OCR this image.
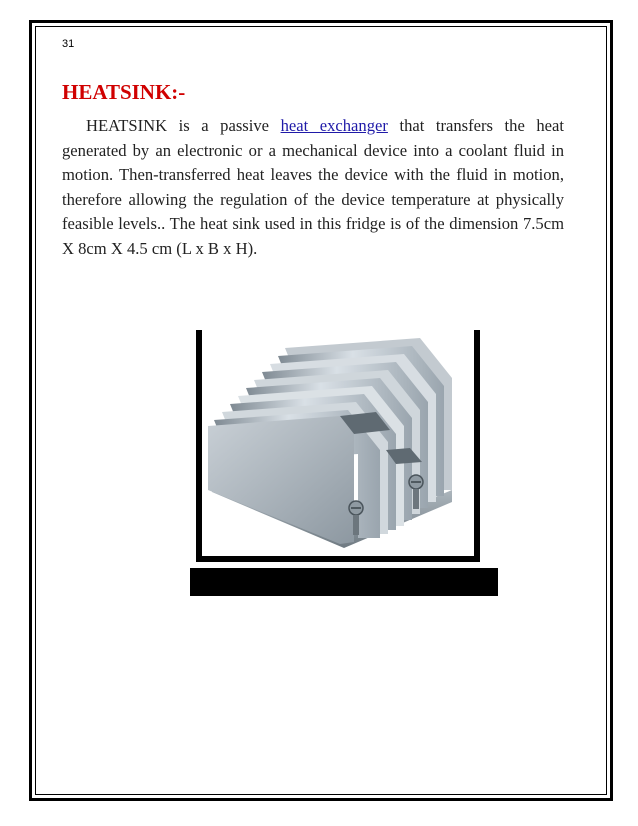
31
HEATSINK:-

HEATSINK is a passive heat exchanger that transfers the heat generated by an electronic or a mechanical device into a coolant fluid in motion. Then-transferred heat leaves the device with the fluid in motion, therefore allowing the regulation of the device temperature at physically feasible levels.. The heat sink used in this fridge is of the dimension 7.5cm X 8cm X 4.5 cm (L x B x H).
